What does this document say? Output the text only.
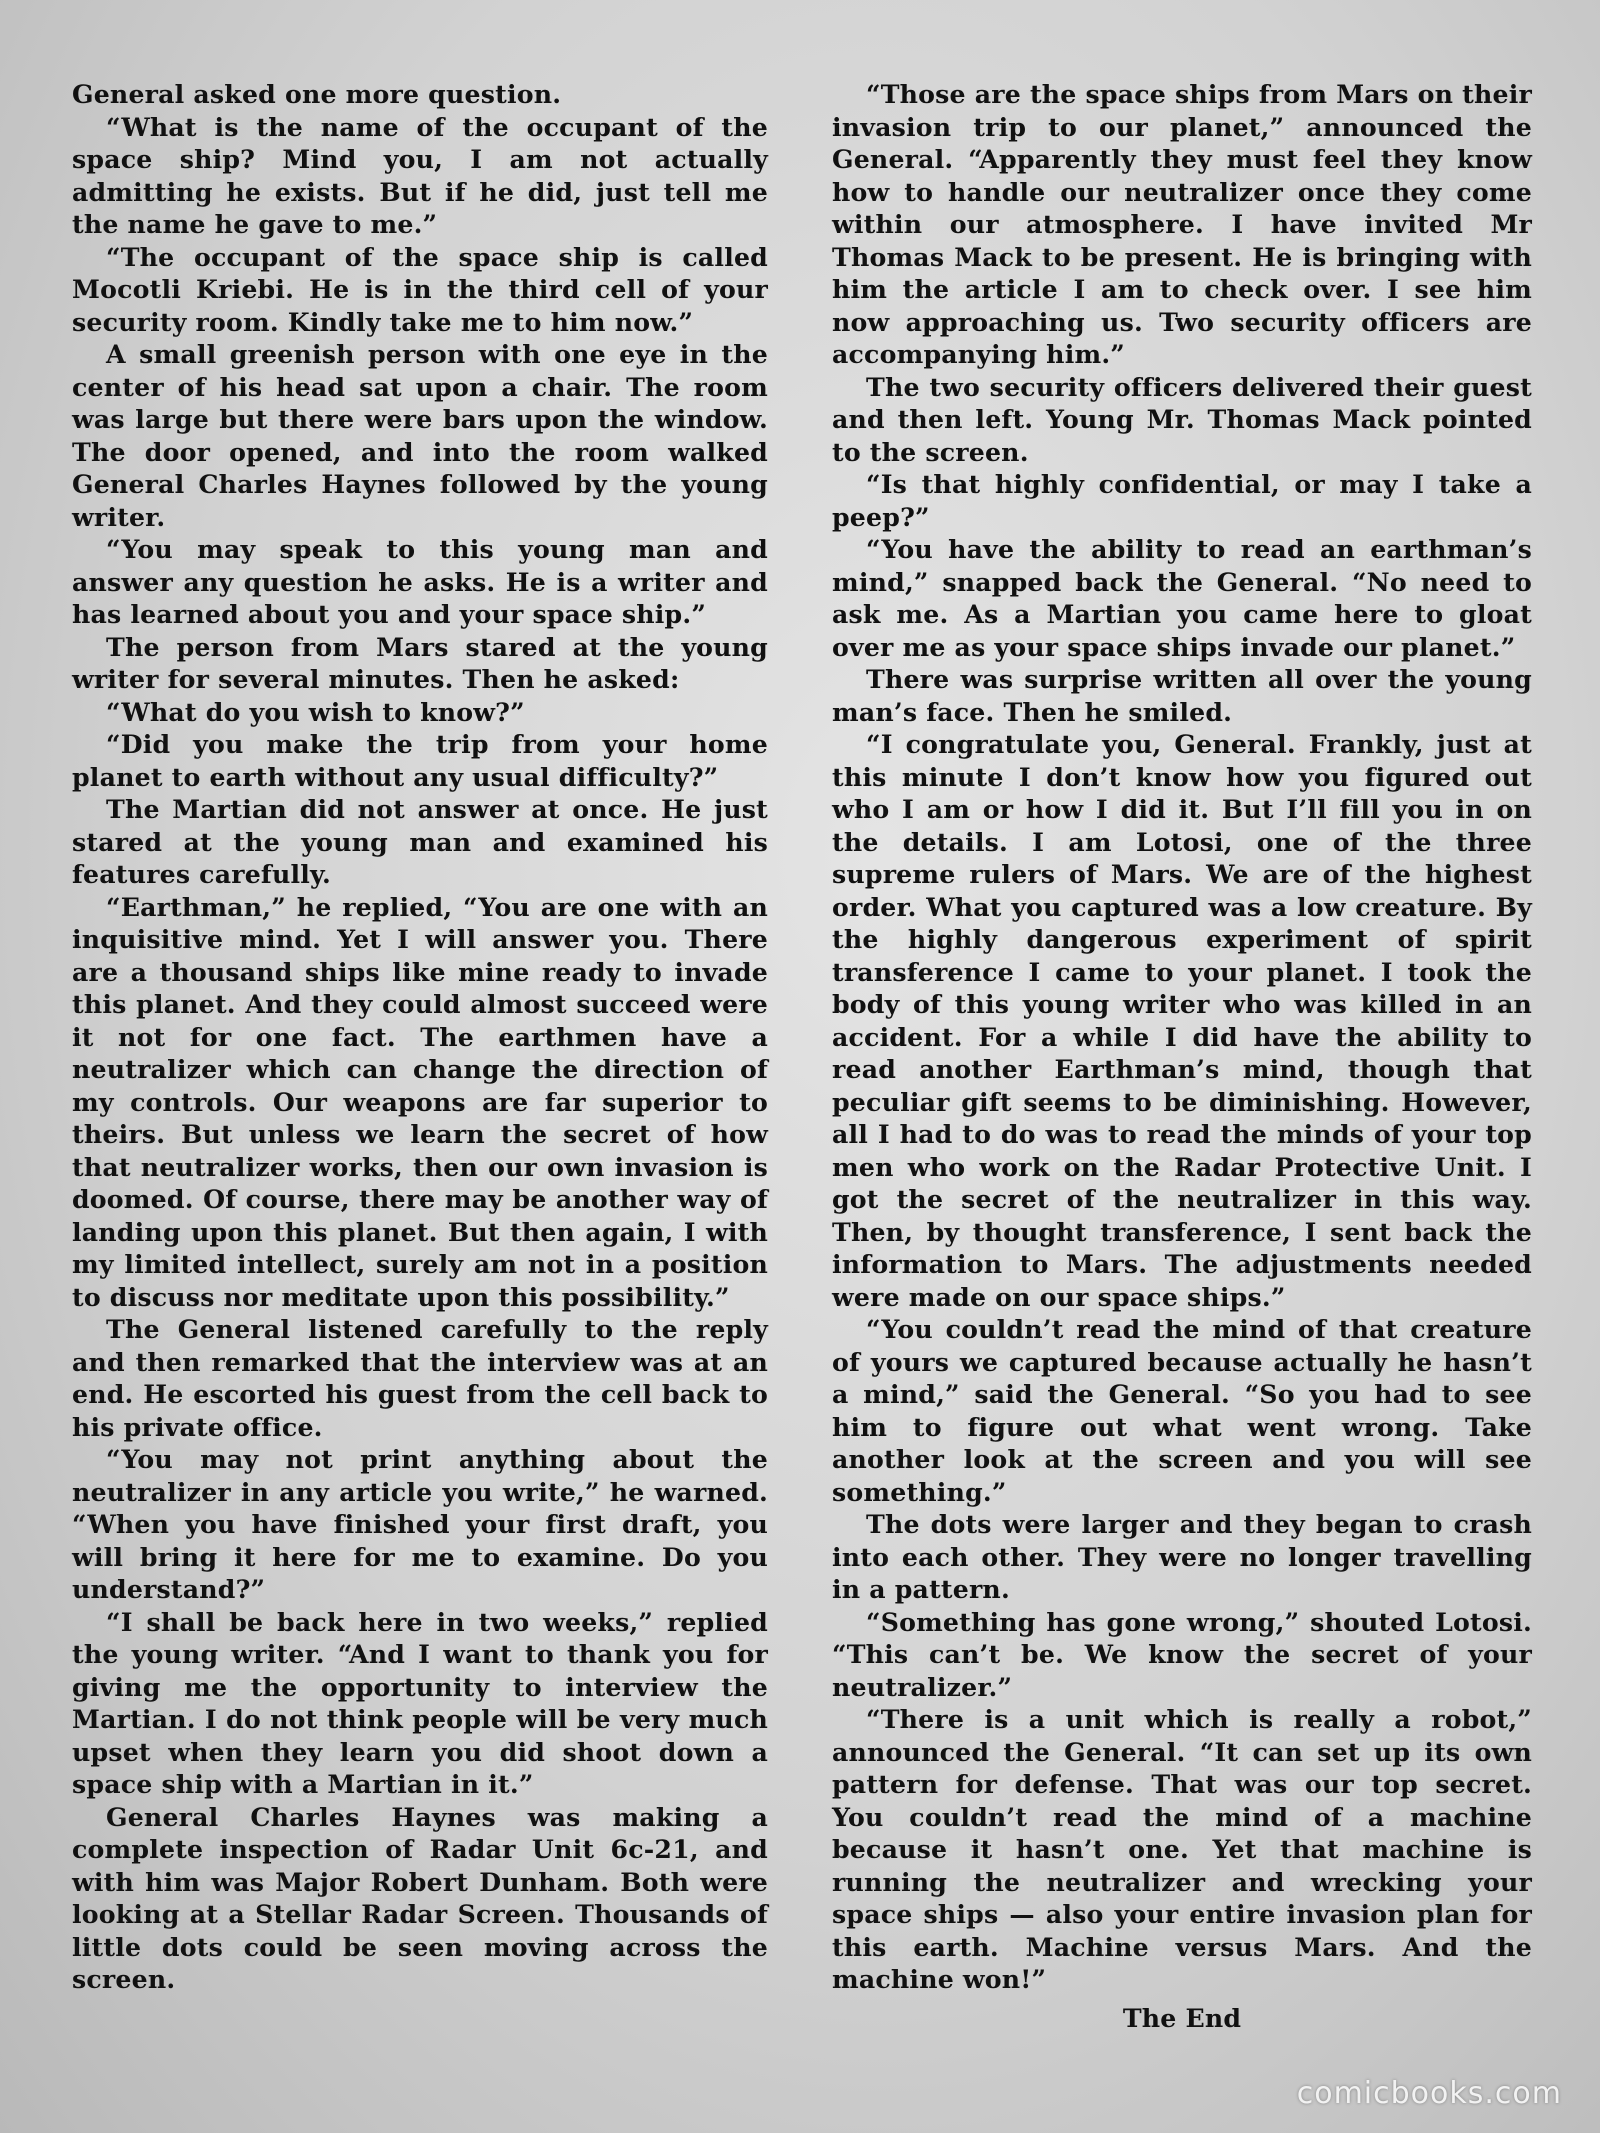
General asked one more question.

“What is the name of the occupant of the space ship? Mind you, I am not actually admitting he exists. But if he did, just tell me the name he gave to me.”

“The occupant of the space ship is called Mocotli Kriebi. He is in the third cell of your security room. Kindly take me to him now.”

A small greenish person with one eye in the center of his head sat upon a chair. The room was large but there were bars upon the window. The door opened, and into the room walked General Charles Haynes followed by the young writer.

“You may speak to this young man and answer any question he asks. He is a writer and has learned about you and your space ship.”

The person from Mars stared at the young writer for several minutes. Then he asked:

“What do you wish to know?”

“Did you make the trip from your home planet to earth without any usual difficulty?”

The Martian did not answer at once. He just stared at the young man and examined his features carefully.

“Earthman,” he replied, “You are one with an inquisitive mind. Yet I will answer you. There are a thousand ships like mine ready to invade this planet. And they could almost succeed were it not for one fact. The earthmen have a neutralizer which can change the direction of my controls. Our weapons are far superior to theirs. But unless we learn the secret of how that neutralizer works, then our own invasion is doomed. Of course, there may be another way of landing upon this planet. But then again, I with my limited intellect, surely am not in a position to discuss nor meditate upon this possibility.”

The General listened carefully to the reply and then remarked that the interview was at an end. He escorted his guest from the cell back to his private office.

“You may not print anything about the neutralizer in any article you write,” he warned. “When you have finished your first draft, you will bring it here for me to examine. Do you understand?”

“I shall be back here in two weeks,” replied the young writer. “And I want to thank you for giving me the opportunity to interview the Martian. I do not think people will be very much upset when they learn you did shoot down a space ship with a Martian in it.”

General Charles Haynes was making a complete inspection of Radar Unit 6c-21, and with him was Major Robert Dunham. Both were looking at a Stellar Radar Screen. Thousands of little dots could be seen moving across the screen.

“Those are the space ships from Mars on their invasion trip to our planet,” announced the General. “Apparently they must feel they know how to handle our neutralizer once they come within our atmosphere. I have invited Mr Thomas Mack to be present. He is bringing with him the article I am to check over. I see him now approaching us. Two security officers are accompanying him.”

The two security officers delivered their guest and then left. Young Mr. Thomas Mack pointed to the screen.

“Is that highly confidential, or may I take a peep?”

“You have the ability to read an earthman’s mind,” snapped back the General. “No need to ask me. As a Martian you came here to gloat over me as your space ships invade our planet.”

There was surprise written all over the young man’s face. Then he smiled.

“I congratulate you, General. Frankly, just at this minute I don’t know how you figured out who I am or how I did it. But I’ll fill you in on the details. I am Lotosi, one of the three supreme rulers of Mars. We are of the highest order. What you captured was a low creature. By the highly dangerous experiment of spirit transference I came to your planet. I took the body of this young writer who was killed in an accident. For a while I did have the ability to read another Earthman’s mind, though that peculiar gift seems to be diminishing. However, all I had to do was to read the minds of your top men who work on the Radar Protective Unit. I got the secret of the neutralizer in this way. Then, by thought transference, I sent back the information to Mars. The adjustments needed were made on our space ships.”

“You couldn’t read the mind of that creature of yours we captured because actually he hasn’t a mind,” said the General. “So you had to see him to figure out what went wrong. Take another look at the screen and you will see something.”

The dots were larger and they began to crash into each other. They were no longer travelling in a pattern.

“Something has gone wrong,” shouted Lotosi. “This can’t be. We know the secret of your neutralizer.”

“There is a unit which is really a robot,” announced the General. “It can set up its own pattern for defense. That was our top secret. You couldn’t read the mind of a machine because it hasn’t one. Yet that machine is running the neutralizer and wrecking your space ships — also your entire invasion plan for this earth. Machine versus Mars. And the machine won!”

The End

comicbooks.com
